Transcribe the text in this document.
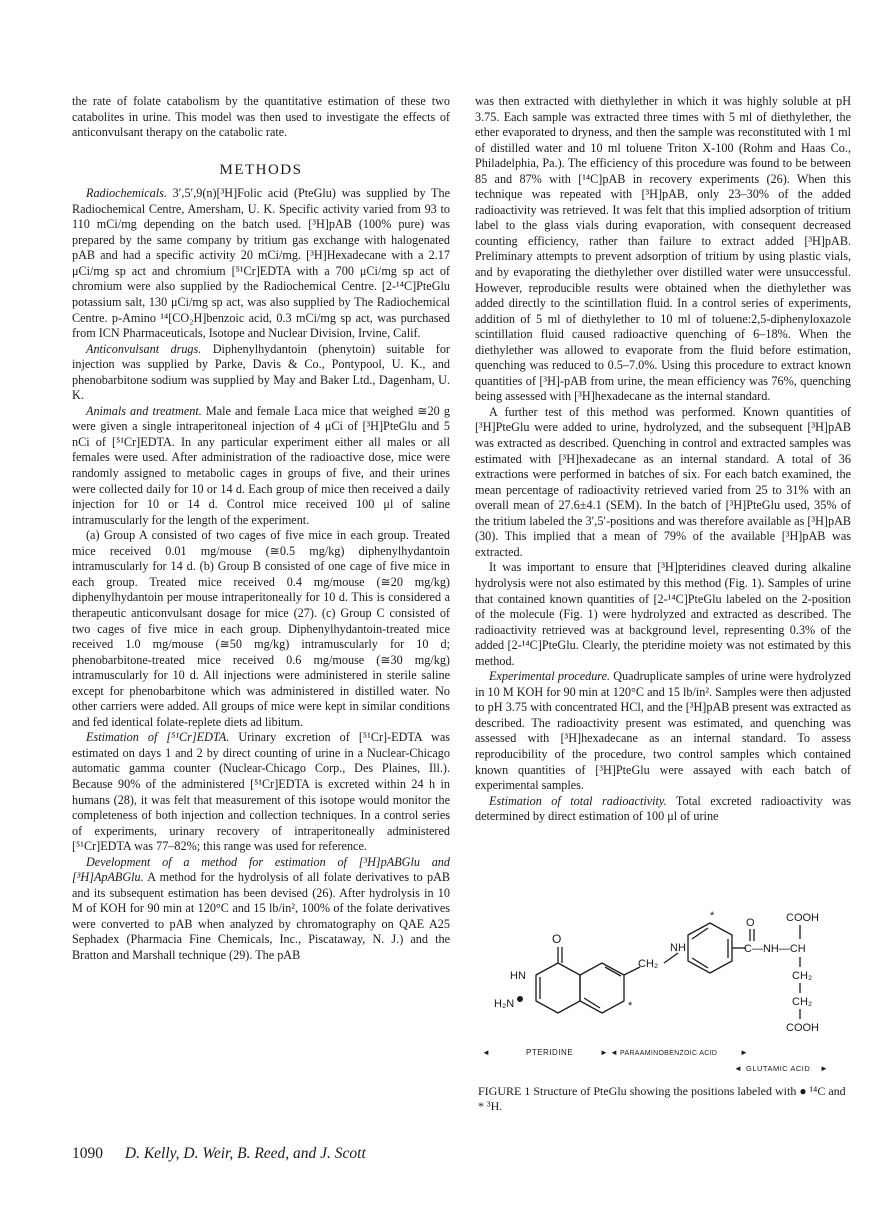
the rate of folate catabolism by the quantitative estimation of these two catabolites in urine. This model was then used to investigate the effects of anticonvulsant therapy on the catabolic rate.

METHODS

Radiochemicals. 3′,5′,9(n)[³H]Folic acid (PteGlu) was supplied by The Radiochemical Centre, Amersham, U. K. Specific activity varied from 93 to 110 mCi/mg depending on the batch used. [³H]pAB (100% pure) was prepared by the same company by tritium gas exchange with halogenated pAB and had a specific activity 20 mCi/mg. [³H]Hexadecane with a 2.17 μCi/mg sp act and chromium [⁵¹Cr]EDTA with a 700 μCi/mg sp act of chromium were also supplied by the Radiochemical Centre. [2-¹⁴C]PteGlu potassium salt, 130 μCi/mg sp act, was also supplied by The Radiochemical Centre. p-Amino ¹⁴[CO₂H]benzoic acid, 0.3 mCi/mg sp act, was purchased from ICN Pharmaceuticals, Isotope and Nuclear Division, Irvine, Calif.

Anticonvulsant drugs. Diphenylhydantoin (phenytoin) suitable for injection was supplied by Parke, Davis & Co., Pontypool, U. K., and phenobarbitone sodium was supplied by May and Baker Ltd., Dagenham, U. K.

Animals and treatment. Male and female Laca mice that weighed ≅20 g were given a single intraperitoneal injection of 4 μCi of [³H]PteGlu and 5 nCi of [⁵¹Cr]EDTA. In any particular experiment either all males or all females were used. After administration of the radioactive dose, mice were randomly assigned to metabolic cages in groups of five, and their urines were collected daily for 10 or 14 d. Each group of mice then received a daily injection for 10 or 14 d. Control mice received 100 μl of saline intramuscularly for the length of the experiment.

(a) Group A consisted of two cages of five mice in each group. Treated mice received 0.01 mg/mouse (≅0.5 mg/kg) diphenylhydantoin intramuscularly for 14 d. (b) Group B consisted of one cage of five mice in each group. Treated mice received 0.4 mg/mouse (≅20 mg/kg) diphenylhydantoin per mouse intraperitoneally for 10 d. This is considered a therapeutic anticonvulsant dosage for mice (27). (c) Group C consisted of two cages of five mice in each group. Diphenylhydantoin-treated mice received 1.0 mg/mouse (≅50 mg/kg) intramuscularly for 10 d; phenobarbitone-treated mice received 0.6 mg/mouse (≅30 mg/kg) intramuscularly for 10 d. All injections were administered in sterile saline except for phenobarbitone which was administered in distilled water. No other carriers were added. All groups of mice were kept in similar conditions and fed identical folate-replete diets ad libitum.

Estimation of [⁵¹Cr]EDTA. Urinary excretion of [⁵¹Cr]-EDTA was estimated on days 1 and 2 by direct counting of urine in a Nuclear-Chicago automatic gamma counter (Nuclear-Chicago Corp., Des Plaines, Ill.). Because 90% of the administered [⁵¹Cr]EDTA is excreted within 24 h in humans (28), it was felt that measurement of this isotope would monitor the completeness of both injection and collection techniques. In a control series of experiments, urinary recovery of intraperitoneally administered [⁵¹Cr]EDTA was 77–82%; this range was used for reference.

Development of a method for estimation of [³H]pABGlu and [³H]ApABGlu. A method for the hydrolysis of all folate derivatives to pAB and its subsequent estimation has been devised (26). After hydrolysis in 10 M of KOH for 90 min at 120°C and 15 lb/in², 100% of the folate derivatives were converted to pAB when analyzed by chromatography on QAE A25 Sephadex (Pharmacia Fine Chemicals, Inc., Piscataway, N. J.) and the Bratton and Marshall technique (29). The pAB

was then extracted with diethylether in which it was highly soluble at pH 3.75. Each sample was extracted three times with 5 ml of diethylether, the ether evaporated to dryness, and then the sample was reconstituted with 1 ml of distilled water and 10 ml toluene Triton X-100 (Rohm and Haas Co., Philadelphia, Pa.). The efficiency of this procedure was found to be between 85 and 87% with [¹⁴C]pAB in recovery experiments (26). When this technique was repeated with [³H]pAB, only 23–30% of the added radioactivity was retrieved. It was felt that this implied adsorption of tritium label to the glass vials during evaporation, with consequent decreased counting efficiency, rather than failure to extract added [³H]pAB. Preliminary attempts to prevent adsorption of tritium by using plastic vials, and by evaporating the diethylether over distilled water were unsuccessful. However, reproducible results were obtained when the diethylether was added directly to the scintillation fluid. In a control series of experiments, addition of 5 ml of diethylether to 10 ml of toluene:2,5-diphenyloxazole scintillation fluid caused radioactive quenching of 6–18%. When the diethylether was allowed to evaporate from the fluid before estimation, quenching was reduced to 0.5–7.0%. Using this procedure to extract known quantities of [³H]-pAB from urine, the mean efficiency was 76%, quenching being assessed with [³H]hexadecane as the internal standard.

A further test of this method was performed. Known quantities of [³H]PteGlu were added to urine, hydrolyzed, and the subsequent [³H]pAB was extracted as described. Quenching in control and extracted samples was estimated with [³H]hexadecane as an internal standard. A total of 36 extractions were performed in batches of six. For each batch examined, the mean percentage of radioactivity retrieved varied from 25 to 31% with an overall mean of 27.6±4.1 (SEM). In the batch of [³H]PteGlu used, 35% of the tritium labeled the 3′,5′-positions and was therefore available as [³H]pAB (30). This implied that a mean of 79% of the available [³H]pAB was extracted.

It was important to ensure that [³H]pteridines cleaved during alkaline hydrolysis were not also estimated by this method (Fig. 1). Samples of urine that contained known quantities of [2-¹⁴C]PteGlu labeled on the 2-position of the molecule (Fig. 1) were hydrolyzed and extracted as described. The radioactivity retrieved was at background level, representing 0.3% of the added [2-¹⁴C]PteGlu. Clearly, the pteridine moiety was not estimated by this method.

Experimental procedure. Quadruplicate samples of urine were hydrolyzed in 10 M KOH for 90 min at 120°C and 15 lb/in². Samples were then adjusted to pH 3.75 with concentrated HCl, and the [³H]pAB present was extracted as described. The radioactivity present was estimated, and quenching was assessed with [³H]hexadecane as an internal standard. To assess reproducibility of the procedure, two control samples which contained known quantities of [³H]PteGlu were assayed with each batch of experimental samples.

Estimation of total radioactivity. Total excreted radioactivity was determined by direct estimation of 100 μl of urine

O
HN
H₂N
CH₂
NH
O
C—NH—CH
COOH
CH₂
CH₂
COOH
*
*
◄	PTERIDINE	► ◄ PARAAMINOBENZOIC ACID	►
◄ GLUTAMIC ACID ►
FIGURE 1 Structure of PteGlu showing the positions labeled with ● ¹⁴C and * ³H.
1090 D. Kelly, D. Weir, B. Reed, and J. Scott
